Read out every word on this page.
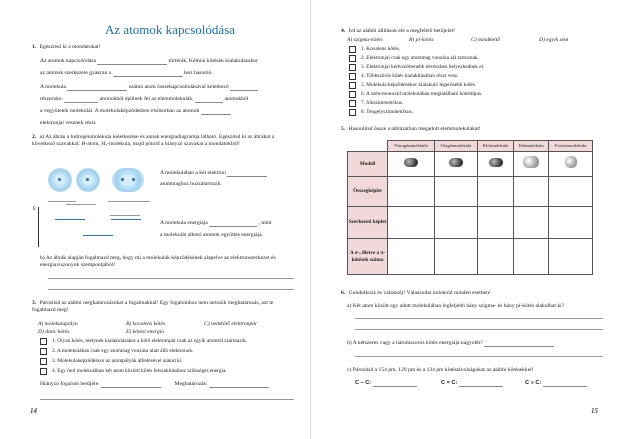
Az atomok kapcsolódása
1. Egészítsd ki a mondatokat!
Az atomok kapcsolódása	történik. Kémiai kötések kialakulásakor
az atomok szerkezete gyakran a	lesz hasonló.
A molekula	számú atom összekapcsolódásával keletkező
részecske.	atomokból épülnek fel az elemmolekulák,	atomokból
a vegyületek molekulái. A molekulaképződésben elsősorban az atomok
elektronjai vesznek részt.
2. a) Az ábrán a hidrogénmolekula keletkezése és annak energiadiagramja látható. Egészítsd ki az ábrákat a következő szavakkal: H-atom, H₂-molekula, majd pótold a hiányzó szavakat a mondatokból!
A molekulában a két elektron
atommaghoz hozzátartozik.
E
A molekula energiája	, mint
a molekulát alkotó atomok együttes energiája.
b) Az ábrák alapján fogalmazd meg, hogy mi a molekulák képződésének alapelve az elektronszerkezet és energiaviszonyok szempontjából!
3. Párosítsd az alábbi meghatározásokat a fogalmakkal! Egy fogalomhoz nem tartozik meghatározás, azt te fogalmazd meg!
A) molekulapálya	B) kovalens kötés	C) nemkötő elektronpár
D) datív kötés	E) kötési energia
1. Olyan kötés, melynek kialakulásakor a kötő elektronpár csak az egyik atomtól származik.
2. A molekulában csak egy atommag vonzása alatt álló elektronok.
3. Molekulaképződéskor az atompályák átfedésével alakul ki.
4. Egy mol molekulában két atom közötti kötés felszakításához szükséges energia.
Hiányzó fogalom betűjele:	Meghatározás:
14
4. Írd az alábbi állítások elé a megfelelő betűjelet!
A) szigma-kötés	B) pí-kötés	C) mindkettő	D) egyik sem
1. Kovalens kötés.
2. Elektronjai csak egy atommag vonzása alá tartoznak.
3. Elektronjai kedvezőtlenebb térrészben helyezkednek el.
4. Többszörös kötés kialakításában részt vesz.
5. Molekula képződésekor kialakuló legerősebb kötés.
6. A szén-monoxid molekulában megtalálható kötéstípus.
7. Síkszimmetrikus.
8. Tengelyszimmetrikus.
5. Hasonlítsd össze a táblázatban megadott elemmolekulákat!
	Nitrogénmolekula	Oxigénmolekula	Klórmolekula	Kénmolekula	Foszformolekula
Modell					
Összegképlet					
Szerkezeti képlet					
A σ-, illetve a π-kötések száma					
6. Gondolkozz és válaszolj! Válaszodat indokold minden esetben!
a) Két atom között egy adott molekulában legfeljebb hány szigma- és hány pí-kötés alakulhat ki?
b) A kétszeres vagy a háromszoros kötés energiája nagyobb?
c) Párosítsd a 154 pm, 120 pm és a 134 pm kötéstávolságokat az alábbi kötésekkel!
C – C:	C = C:	C ≡ C:
15
